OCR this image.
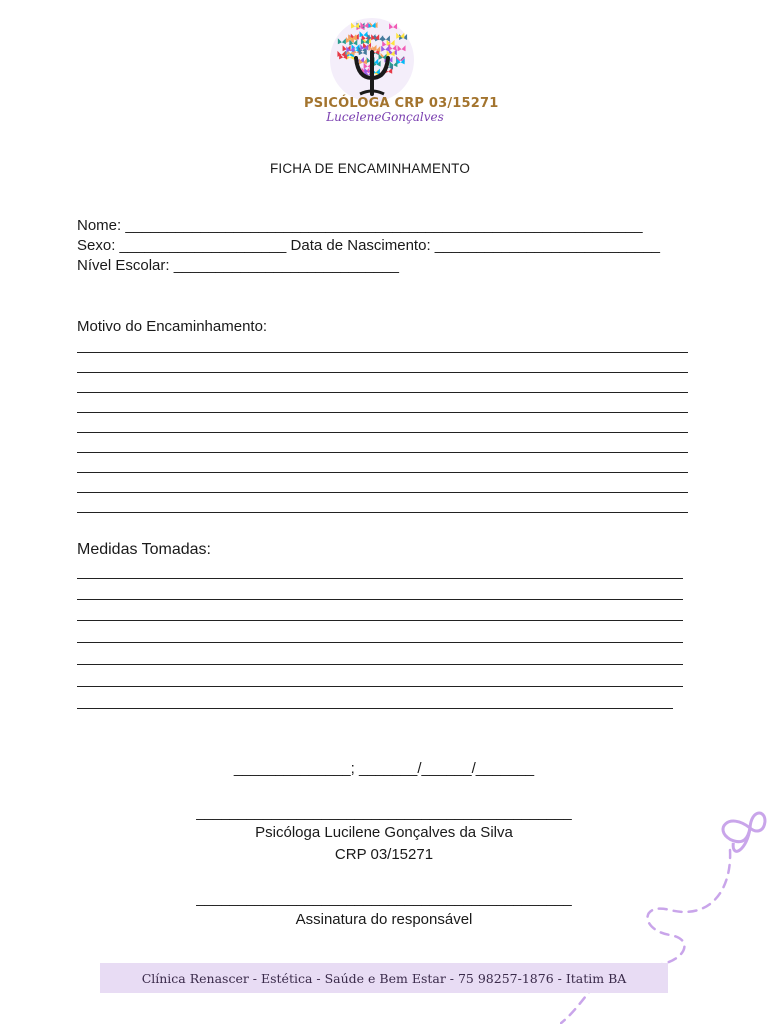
PSICÓLOGA CRP 03/15271
LuceleneGonçalves
FICHA DE ENCAMINHAMENTO
Nome: ______________________________________________________________
Sexo: ____________________ Data de Nascimento: ___________________________
Nível Escolar: ___________________________
Motivo do Encaminhamento:
Medidas Tomadas:
______________; _______/______/_______
_____________________________________________
Psicóloga Lucilene Gonçalves da Silva
CRP 03/15271
_____________________________________________
Assinatura do responsável
Clínica Renascer - Estética - Saúde e Bem Estar - 75 98257-1876 - Itatim BA
